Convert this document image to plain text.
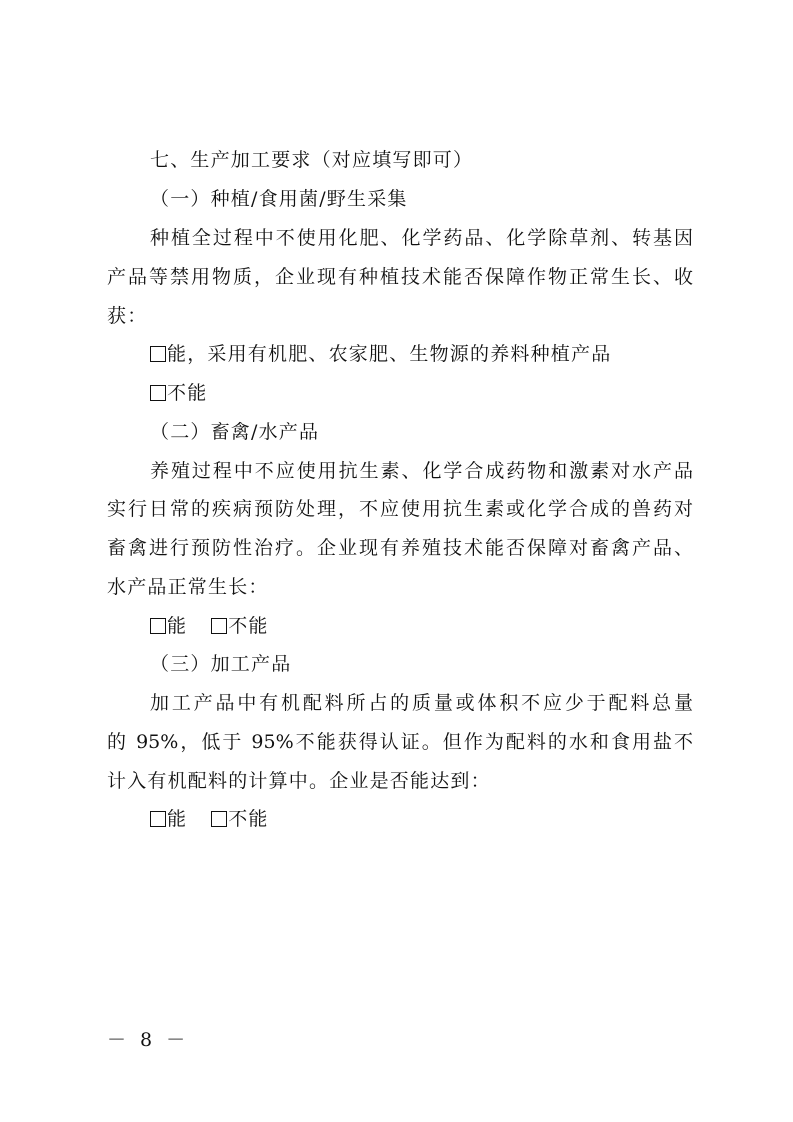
七、生产加工要求（对应填写即可）
（一）种植/食用菌/野生采集
种植全过程中不使用化肥、化学药品、化学除草剂、转基因
产品等禁用物质，企业现有种植技术能否保障作物正常生长、收
获：
能，采用有机肥、农家肥、生物源的养料种植产品
不能
（二）畜禽/水产品
养殖过程中不应使用抗生素、化学合成药物和激素对水产品
实行日常的疾病预防处理，不应使用抗生素或化学合成的兽药对
畜禽进行预防性治疗。企业现有养殖技术能否保障对畜禽产品、
水产品正常生长：
能 不能
（三）加工产品
加工产品中有机配料所占的质量或体积不应少于配料总量
的 95%，低于 95%不能获得认证。但作为配料的水和食用盐不
计入有机配料的计算中。企业是否能达到：
能 不能
－ 8 －
